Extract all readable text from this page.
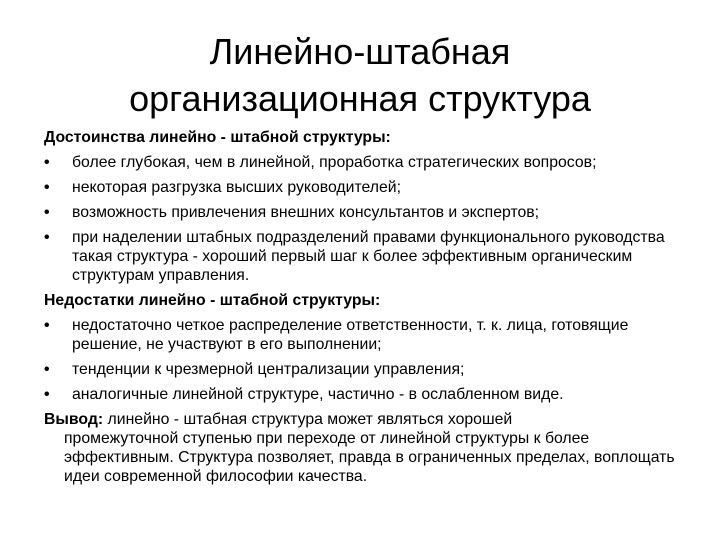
Линейно-штабная
организационная структура
Достоинства линейно - штабной структуры:
• более глубокая, чем в линейной, проработка стратегических вопросов;
• некоторая разгрузка высших руководителей;
• возможность привлечения внешних консультантов и экспертов;
• при наделении штабных подразделений правами функционального руководства такая структура - хороший первый шаг к более эффективным органическим структурам управления.
Недостатки линейно - штабной структуры:
• недостаточно четкое распределение ответственности, т. к. лица, готовящие решение, не участвуют в его выполнении;
• тенденции к чрезмерной централизации управления;
• аналогичные линейной структуре, частично - в ослабленном виде.
Вывод: линейно - штабная структура может являться хорошей
промежуточной ступенью при переходе от линейной структуры к более эффективным. Структура позволяет, правда в ограниченных пределах, воплощать идеи современной философии качества.
